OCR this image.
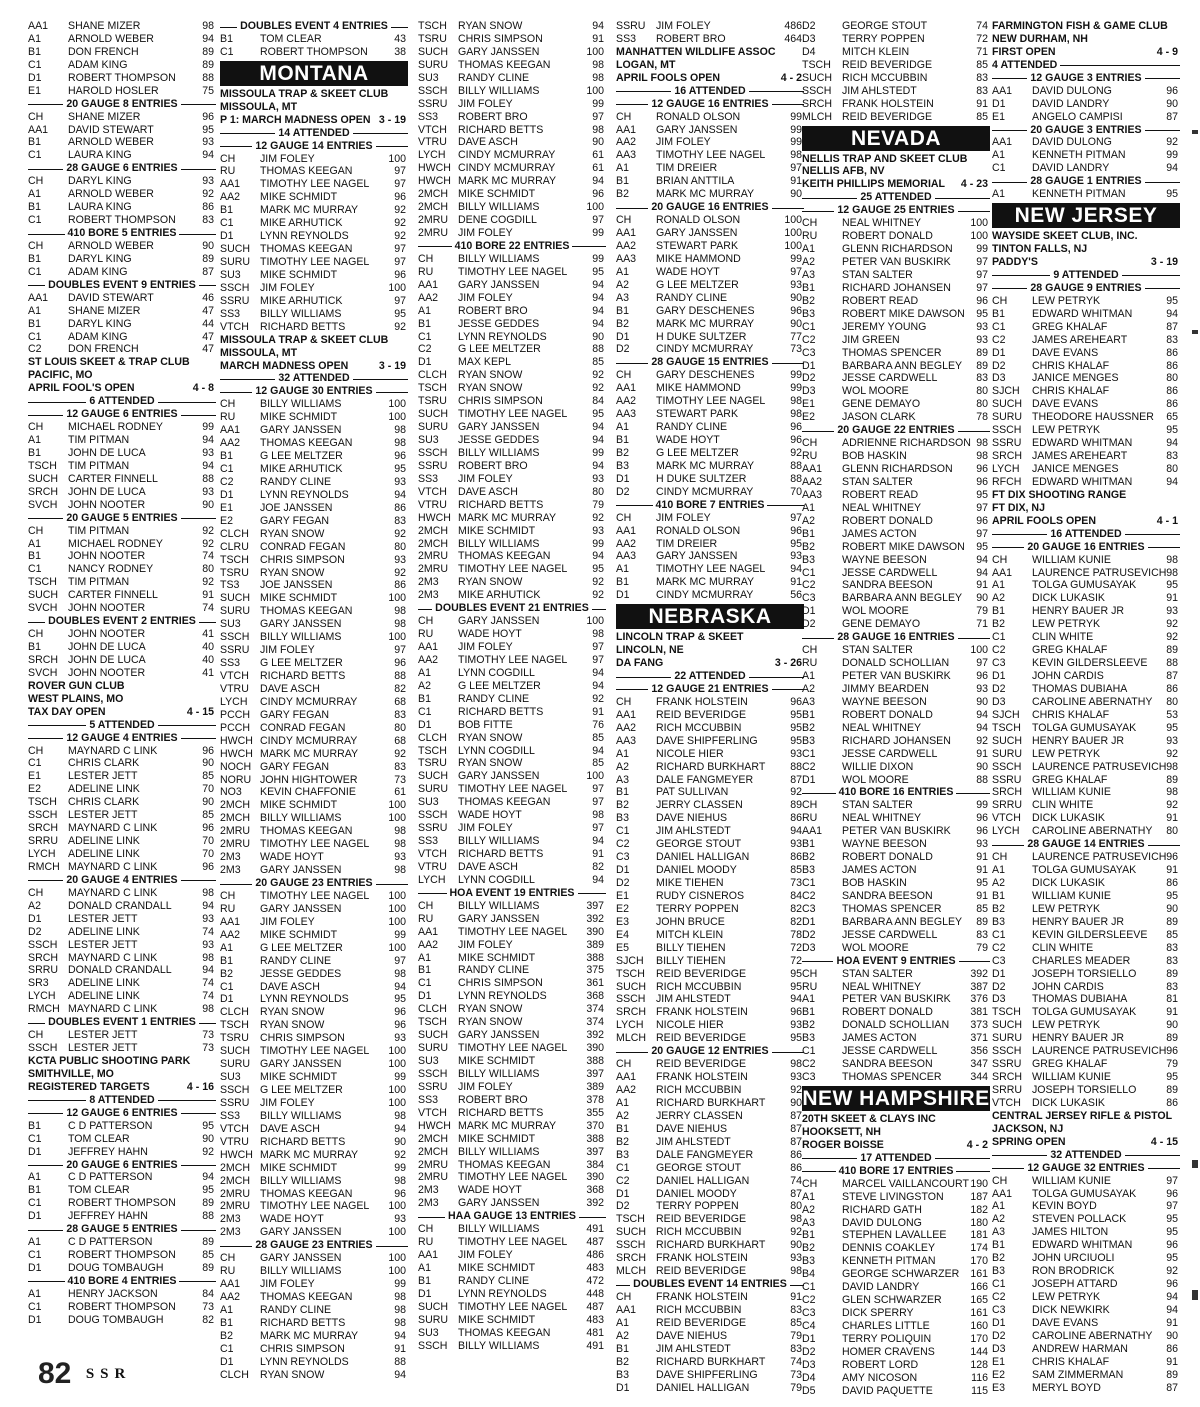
AA1	SHANE MIZER	98
A1	ARNOLD WEBER	94
B1	DON FRENCH	89
C1	ADAM KING	89
D1	ROBERT THOMPSON	88
E1	HAROLD HOSLER	75
20 GAUGE 8 ENTRIES
CH	SHANE MIZER	96
AA1	DAVID STEWART	95
B1	ARNOLD WEBER	93
C1	LAURA KING	94
28 GAUGE 6 ENTRIES
CH	DARYL KING	93
A1	ARNOLD WEBER	92
B1	LAURA KING	86
C1	ROBERT THOMPSON	83
410 BORE 5 ENTRIES
CH	ARNOLD WEBER	90
B1	DARYL KING	89
C1	ADAM KING	87
DOUBLES EVENT 9 ENTRIES
AA1	DAVID STEWART	46
A1	SHANE MIZER	47
B1	DARYL KING	44
C1	ADAM KING	47
C2	DON FRENCH	47
ST LOUIS SKEET & TRAP CLUB
PACIFIC, MO
APRIL FOOL'S OPEN	4 - 8
6 ATTENDED
12 GAUGE 6 ENTRIES
CH	MICHAEL RODNEY	99
A1	TIM PITMAN	94
B1	JOHN DE LUCA	93
TSCH	TIM PITMAN	94
SUCH CARTER FINNELL	88
SRCH JOHN DE LUCA	93
SVCH JOHN NOOTER	90
20 GAUGE 5 ENTRIES
CH	TIM PITMAN	92
A1	MICHAEL RODNEY	92
B1	JOHN NOOTER	74
C1	NANCY RODNEY	80
TSCH	TIM PITMAN	92
SUCH CARTER FINNELL	91
SVCH JOHN NOOTER	74
DOUBLES EVENT 2 ENTRIES
CH	JOHN NOOTER	41
B1	JOHN DE LUCA	40
SRCH JOHN DE LUCA	40
SVCH JOHN NOOTER	41
ROVER GUN CLUB
WEST PLAINS, MO
TAX DAY OPEN	4 - 15
5 ATTENDED
12 GAUGE 4 ENTRIES
CH	MAYNARD C LINK	96
C1	CHRIS CLARK	90
E1	LESTER JETT	85
E2	ADELINE LINK	70
TSCH	CHRIS CLARK	90
SSCH LESTER JETT	85
SRCH MAYNARD C LINK	96
SRRU ADELINE LINK	70
LYCH	ADELINE LINK	70
RMCH MAYNARD C LINK	96
20 GAUGE 4 ENTRIES
CH	MAYNARD C LINK	98
A2	DONALD CRANDALL	94
D1	LESTER JETT	93
D2	ADELINE LINK	74
SSCH LESTER JETT	93
SRCH MAYNARD C LINK	98
SRRU DONALD CRANDALL	94
SR3	ADELINE LINK	74
LYCH	ADELINE LINK	74
RMCH MAYNARD C LINK	98
DOUBLES EVENT 1 ENTRIES
CH	LESTER JETT	73
SSCH LESTER JETT	73
KCTA PUBLIC SHOOTING PARK
SMITHVILLE, MO
REGISTERED TARGETS	4 - 16
8 ATTENDED
12 GAUGE 6 ENTRIES
B1	C D PATTERSON	95
C1	TOM CLEAR	90
D1	JEFFREY HAHN	92
20 GAUGE 6 ENTRIES
A1	C D PATTERSON	94
B1	TOM CLEAR	95
C1	ROBERT THOMPSON	89
D1	JEFFREY HAHN	88
28 GAUGE 5 ENTRIES
A1	C D PATTERSON	89
C1	ROBERT THOMPSON	85
D1	DOUG TOMBAUGH	89
410 BORE 4 ENTRIES
A1	HENRY JACKSON	84
C1	ROBERT THOMPSON	73
D1	DOUG TOMBAUGH	82
DOUBLES EVENT 4 ENTRIES
B1	TOM CLEAR	43
C1	ROBERT THOMPSON	38
MONTANA
MISSOULA TRAP & SKEET CLUB
MISSOULA, MT
P 1: MARCH MADNESS OPEN 3 - 19
14 ATTENDED
12 GAUGE 14 ENTRIES
CH	JIM FOLEY	100
RU	THOMAS KEEGAN	97
AA1	TIMOTHY LEE NAGEL	97
AA2	MIKE SCHMIDT	96
B1	MARK MC MURRAY	92
C1	MIKE ARHUTICK	92
D1	LYNN REYNOLDS	92
SUCH THOMAS KEEGAN	97
SURU TIMOTHY LEE NAGEL	97
SU3	MIKE SCHMIDT	96
SSCH JIM FOLEY	100
SSRU MIKE ARHUTICK	97
SS3	BILLY WILLIAMS	95
VTCH	RICHARD BETTS	92
MISSOULA TRAP & SKEET CLUB
MISSOULA, MT
MARCH MADNESS OPEN	3 - 19
32 ATTENDED
12 GAUGE 30 ENTRIES
CH	BILLY WILLIAMS	100
RU	MIKE SCHMIDT	100
AA1	GARY JANSSEN	98
AA2	THOMAS KEEGAN	98
B1	G LEE MELTZER	96
C1	MIKE ARHUTICK	95
C2	RANDY CLINE	93
D1	LYNN REYNOLDS	94
E1	JOE JANSSEN	86
E2	GARY FEGAN	83
CLCH	RYAN SNOW	92
CLRU	CONRAD FEGAN	80
TSCH	CHRIS SIMPSON	93
TSRU	RYAN SNOW	92
TS3	JOE JANSSEN	86
SUCH MIKE SCHMIDT	100
SURU THOMAS KEEGAN	98
SU3	GARY JANSSEN	98
SSCH BILLY WILLIAMS	100
SSRU JIM FOLEY	97
SS3	G LEE MELTZER	96
VTCH	RICHARD BETTS	88
VTRU	DAVE ASCH	82
LYCH	CINDY MCMURRAY	68
PCCH GARY FEGAN	83
PCCH CONRAD FEGAN	80
HWCH CINDY MCMURRAY	68
HWCH MARK MC MURRAY	92
NOCH GARY FEGAN	83
NORU JOHN HIGHTOWER	73
NO3	KEVIN CHAFFONIE	61
2MCH MIKE SCHMIDT	100
2MCH BILLY WILLIAMS	100
2MRU THOMAS KEEGAN	98
2MRU TIMOTHY LEE NAGEL	98
2M3	WADE HOYT	93
2M3	GARY JANSSEN	98
20 GAUGE 23 ENTRIES
CH	TIMOTHY LEE NAGEL	100
RU	GARY JANSSEN	100
AA1	JIM FOLEY	100
AA2	MIKE SCHMIDT	99
A1	G LEE MELTZER	100
B1	RANDY CLINE	97
B2	JESSE GEDDES	98
C1	DAVE ASCH	94
D1	LYNN REYNOLDS	95
CLCH	RYAN SNOW	96
TSCH	RYAN SNOW	96
TSRU	CHRIS SIMPSON	93
SUCH TIMOTHY LEE NAGEL	100
SURU GARY JANSSEN	100
SU3	MIKE SCHMIDT	99
SSCH G LEE MELTZER	100
SSRU JIM FOLEY	100
SS3	BILLY WILLIAMS	98
VTCH	DAVE ASCH	94
VTRU	RICHARD BETTS	90
HWCH MARK MC MURRAY	92
2MCH MIKE SCHMIDT	99
2MCH BILLY WILLIAMS	98
2MRU THOMAS KEEGAN	96
2MRU TIMOTHY LEE NAGEL	100
2M3	WADE HOYT	93
2M3	GARY JANSSEN	100
28 GAUGE 23 ENTRIES
CH	GARY JANSSEN	100
RU	BILLY WILLIAMS	100
AA1	JIM FOLEY	99
AA2	THOMAS KEEGAN	98
A1	RANDY CLINE	98
B1	RICHARD BETTS	98
B2	MARK MC MURRAY	94
C1	CHRIS SIMPSON	91
D1	LYNN REYNOLDS	88
CLCH	RYAN SNOW	94
TSCH	RYAN SNOW	94
TSRU	CHRIS SIMPSON	91
SUCH GARY JANSSEN	100
SURU THOMAS KEEGAN	98
SU3	RANDY CLINE	98
SSCH BILLY WILLIAMS	100
SSRU JIM FOLEY	99
SS3	ROBERT BRO	97
VTCH	RICHARD BETTS	98
VTRU	DAVE ASCH	90
LYCH	CINDY MCMURRAY	61
HWCH CINDY MCMURRAY	61
HWCH MARK MC MURRAY	94
2MCH MIKE SCHMIDT	96
2MCH BILLY WILLIAMS	100
2MRU DENE COGDILL	97
2MRU JIM FOLEY	99
410 BORE 22 ENTRIES
CH	BILLY WILLIAMS	99
RU	TIMOTHY LEE NAGEL	95
AA1	GARY JANSSEN	94
AA2	JIM FOLEY	94
A1	ROBERT BRO	94
B1	JESSE GEDDES	94
C1	LYNN REYNOLDS	90
C2	G LEE MELTZER	88
D1	MAX KEPL	85
CLCH	RYAN SNOW	92
TSCH	RYAN SNOW	92
TSRU	CHRIS SIMPSON	84
SUCH TIMOTHY LEE NAGEL	95
SURU GARY JANSSEN	94
SU3	JESSE GEDDES	94
SSCH BILLY WILLIAMS	99
SSRU ROBERT BRO	94
SS3	JIM FOLEY	93
VTCH	DAVE ASCH	80
VTRU	RICHARD BETTS	79
HWCH MARK MC MURRAY	92
2MCH MIKE SCHMIDT	93
2MCH BILLY WILLIAMS	99
2MRU THOMAS KEEGAN	94
2MRU TIMOTHY LEE NAGEL	95
2M3	RYAN SNOW	92
2M3	MIKE ARHUTICK	92
DOUBLES EVENT 21 ENTRIES
CH	GARY JANSSEN	100
RU	WADE HOYT	98
AA1	JIM FOLEY	97
AA2	TIMOTHY LEE NAGEL	97
A1	LYNN COGDILL	94
A2	G LEE MELTZER	94
B1	RANDY CLINE	92
C1	RICHARD BETTS	91
D1	BOB FITTE	76
CLCH	RYAN SNOW	85
TSCH	LYNN COGDILL	94
TSRU	RYAN SNOW	85
SUCH GARY JANSSEN	100
SURU TIMOTHY LEE NAGEL	97
SU3	THOMAS KEEGAN	97
SSCH WADE HOYT	98
SSRU JIM FOLEY	97
SS3	BILLY WILLIAMS	94
VTCH	RICHARD BETTS	91
VTRU	DAVE ASCH	82
LYCH	LYNN COGDILL	94
HOA EVENT 19 ENTRIES
CH	BILLY WILLIAMS	397
RU	GARY JANSSEN	392
AA1	TIMOTHY LEE NAGEL	390
AA2	JIM FOLEY	389
A1	MIKE SCHMIDT	388
B1	RANDY CLINE	375
C1	CHRIS SIMPSON	361
D1	LYNN REYNOLDS	368
CLCH	RYAN SNOW	374
TSCH	RYAN SNOW	374
SUCH GARY JANSSEN	392
SURU TIMOTHY LEE NAGEL	390
SU3	MIKE SCHMIDT	388
SSCH BILLY WILLIAMS	397
SSRU JIM FOLEY	389
SS3	ROBERT BRO	378
VTCH	RICHARD BETTS	355
HWCH MARK MC MURRAY	370
2MCH MIKE SCHMIDT	388
2MCH BILLY WILLIAMS	397
2MRU THOMAS KEEGAN	384
2MRU TIMOTHY LEE NAGEL	390
2M3	WADE HOYT	368
2M3	GARY JANSSEN	392
HAA GAUGE 13 ENTRIES
CH	BILLY WILLIAMS	491
RU	TIMOTHY LEE NAGEL	487
AA1	JIM FOLEY	486
A1	MIKE SCHMIDT	483
B1	RANDY CLINE	472
D1	LYNN REYNOLDS	448
SUCH TIMOTHY LEE NAGEL	487
SURU MIKE SCHMIDT	483
SU3	THOMAS KEEGAN	481
SSCH BILLY WILLIAMS	491
SSRU JIM FOLEY	486
SS3	ROBERT BRO	464
MANHATTEN WILDLIFE ASSOC
LOGAN, MT
APRIL FOOLS OPEN	4 - 2
16 ATTENDED
12 GAUGE 16 ENTRIES
CH	RONALD OLSON	99
AA1	GARY JANSSEN	99
AA2	JIM FOLEY	99
AA3	TIMOTHY LEE NAGEL	98
A1	TIM DREIER	97
B1	BRIAN ANTTILA	91
B2	MARK MC MURRAY	90
20 GAUGE 16 ENTRIES
CH	RONALD OLSON	100
AA1	GARY JANSSEN	100
AA2	STEWART PARK	100
AA3	MIKE HAMMOND	99
A1	WADE HOYT	97
A2	G LEE MELTZER	93
A3	RANDY CLINE	90
B1	GARY DESCHENES	96
B2	MARK MC MURRAY	90
D1	H DUKE SULTZER	77
D2	CINDY MCMURRAY	73
28 GAUGE 15 ENTRIES
CH	GARY DESCHENES	99
AA1	MIKE HAMMOND	99
AA2	TIMOTHY LEE NAGEL	98
AA3	STEWART PARK	98
A1	RANDY CLINE	96
B1	WADE HOYT	96
B2	G LEE MELTZER	92
B3	MARK MC MURRAY	88
D1	H DUKE SULTZER	88
D2	CINDY MCMURRAY	70
410 BORE 7 ENTRIES
CH	JIM FOLEY	97
AA1	RONALD OLSON	96
AA2	TIM DREIER	95
AA3	GARY JANSSEN	93
A1	TIMOTHY LEE NAGEL	94
B1	MARK MC MURRAY	91
D1	CINDY MCMURRAY	56
NEBRASKA
LINCOLN TRAP & SKEET
LINCOLN, NE
DA FANG	3 - 26
22 ATTENDED
12 GAUGE 21 ENTRIES
CH	FRANK HOLSTEIN	96
AA1	REID BEVERIDGE	95
AA2	RICH MCCUBBIN	95
AA3	DAVE SHIPFERLING	95
A1	NICOLE HIER	93
A2	RICHARD BURKHART	88
A3	DALE FANGMEYER	87
B1	PAT SULLIVAN	92
B2	JERRY CLASSEN	89
B3	DAVE NIEHUS	86
C1	JIM AHLSTEDT	94
C2	GEORGE STOUT	93
C3	DANIEL HALLIGAN	86
D1	DANIEL MOODY	85
D2	MIKE TIEHEN	73
E1	RUDY CISNEROS	84
E2	TERRY POPPEN	82
E3	JOHN BRUCE	82
E4	MITCH KLEIN	78
E5	BILLY TIEHEN	72
SJCH	BILLY TIEHEN	72
TSCH	REID BEVERIDGE	95
SUCH RICH MCCUBBIN	95
SSCH JIM AHLSTEDT	94
SRCH FRANK HOLSTEIN	96
LYCH	NICOLE HIER	93
MLCH REID BEVERIDGE	95
20 GAUGE 12 ENTRIES
CH	REID BEVERIDGE	98
AA1	FRANK HOLSTEIN	93
AA2	RICH MCCUBBIN	92
A1	RICHARD BURKHART	90
A2	JERRY CLASSEN	87
B1	DAVE NIEHUS	87
B2	JIM AHLSTEDT	87
B3	DALE FANGMEYER	86
C1	GEORGE STOUT	86
C2	DANIEL HALLIGAN	74
D1	DANIEL MOODY	87
D2	TERRY POPPEN	80
TSCH	REID BEVERIDGE	98
SUCH RICH MCCUBBIN	92
SSCH RICHARD BURKHART	90
SRCH FRANK HOLSTEIN	93
MLCH REID BEVERIDGE	98
DOUBLES EVENT 14 ENTRIES
CH	FRANK HOLSTEIN	91
AA1	RICH MCCUBBIN	83
A1	REID BEVERIDGE	85
A2	DAVE NIEHUS	79
B1	JIM AHLSTEDT	83
B2	RICHARD BURKHART	74
B3	DAVE SHIPFERLING	73
D1	DANIEL HALLIGAN	79
D2	GEORGE STOUT	74
D3	TERRY POPPEN	72
D4	MITCH KLEIN	71
TSCH	REID BEVERIDGE	85
SUCH RICH MCCUBBIN	83
SSCH JIM AHLSTEDT	83
SRCH FRANK HOLSTEIN	91
MLCH REID BEVERIDGE	85
NEVADA
NELLIS TRAP AND SKEET CLUB
NELLIS AFB, NV
KEITH PHILLIPS MEMORIAL 4 - 23
25 ATTENDED
12 GAUGE 25 ENTRIES
CH	NEAL WHITNEY	100
RU	ROBERT DONALD	100
A1	GLENN RICHARDSON	99
A2	PETER VAN BUSKIRK	97
A3	STAN SALTER	97
B1	RICHARD JOHANSEN	97
B2	ROBERT READ	96
B3	ROBERT MIKE DAWSON 95
C1	JEREMY YOUNG	93
C2	JIM GREEN	93
C3	THOMAS SPENCER	89
D1	BARBARA ANN BEGLEY 89
D2	JESSE CARDWELL	83
D3	WOL MOORE	80
E1	GENE DEMAYO	80
E2	JASON CLARK	78
20 GAUGE 22 ENTRIES
CH	ADRIENNE RICHARDSON 98
RU	BOB HASKIN	98
AA1	GLENN RICHARDSON	96
AA2	STAN SALTER	96
AA3	ROBERT READ	95
A1	NEAL WHITNEY	97
A2	ROBERT DONALD	96
B1	JAMES ACTON	97
B2	ROBERT MIKE DAWSON 95
B3	WAYNE BEESON	94
C1	JESSE CARDWELL	94
C2	SANDRA BEESON	91
C3	BARBARA ANN BEGLEY 90
D1	WOL MOORE	79
D2	GENE DEMAYO	71
28 GAUGE 16 ENTRIES
CH	STAN SALTER	100
RU	DONALD SCHOLLIAN	97
A1	PETER VAN BUSKIRK	96
A2	JIMMY BEARDEN	93
A3	WAYNE BEESON	90
B1	ROBERT DONALD	94
B2	NEAL WHITNEY	94
B3	RICHARD JOHANSEN	92
C1	JESSE CARDWELL	91
C2	WILLIE DIXON	90
D1	WOL MOORE	88
410 BORE 16 ENTRIES
CH	STAN SALTER	99
RU	NEAL WHITNEY	96
AA1	PETER VAN BUSKIRK	96
B1	WAYNE BEESON	93
B2	ROBERT DONALD	91
B3	JAMES ACTON	91
C1	BOB HASKIN	95
C2	SANDRA BEESON	91
C3	THOMAS SPENCER	85
D1	BARBARA ANN BEGLEY 89
D2	JESSE CARDWELL	83
D3	WOL MOORE	79
HOA EVENT 9 ENTRIES
CH	STAN SALTER	392
RU	NEAL WHITNEY	387
A1	PETER VAN BUSKIRK	376
B1	ROBERT DONALD	381
B2	DONALD SCHOLLIAN	373
B3	JAMES ACTON	371
C1	JESSE CARDWELL	356
C2	SANDRA BEESON	347
C3	THOMAS SPENCER	344
NEW HAMPSHIRE
20TH SKEET & CLAYS INC
HOOKSETT, NH
ROGER BOISSE	4 - 2
17 ATTENDED
410 BORE 17 ENTRIES
CH	MARCEL VAILLANCOURT 190
A1	STEVE LIVINGSTON	187
A2	RICHARD GATH	182
A3	DAVID DULONG	180
B1	STEPHEN LAVALLEE	181
B2	DENNIS COAKLEY	174
B3	KENNETH PITMAN	170
B4	GEORGE SCHWARZER 161
C1	DAVID LANDRY	166
C2	GLEN SCHWARZER	165
C3	DICK SPERRY	161
C4	CHARLES LITTLE	160
D1	TERRY POLIQUIN	170
D2	HOMER CRAVENS	144
D3	ROBERT LORD	128
D4	AMY NICOSON	116
D5	DAVID PAQUETTE	115
FARMINGTON FISH & GAME CLUB
NEW DURHAM, NH
FIRST OPEN	4 - 9
4 ATTENDED
12 GAUGE 3 ENTRIES
AA1	DAVID DULONG	96
D1	DAVID LANDRY	90
E1	ANGELO CAMPISI	87
20 GAUGE 3 ENTRIES
AA1	DAVID DULONG	92
A1	KENNETH PITMAN	99
C1	DAVID LANDRY	94
28 GAUGE 1 ENTRIES
A1	KENNETH PITMAN	95
NEW JERSEY
WAYSIDE SKEET CLUB, INC.
TINTON FALLS, NJ
PADDY'S	3 - 19
9 ATTENDED
28 GAUGE 9 ENTRIES
CH	LEW PETRYK	95
B1	EDWARD WHITMAN	94
C1	GREG KHALAF	87
C2	JAMES AREHEART	83
D1	DAVE EVANS	86
D2	CHRIS KHALAF	86
D3	JANICE MENGES	80
SJCH	CHRIS KHALAF	86
SUCH DAVE EVANS	86
SURU THEODORE HAUSSNER 65
SSCH LEW PETRYK	95
SSRU EDWARD WHITMAN	94
SRCH JAMES AREHEART	83
LYCH	JANICE MENGES	80
RFCH EDWARD WHITMAN	94
FT DIX SHOOTING RANGE
FT DIX, NJ
APRIL FOOLS OPEN	4 - 1
16 ATTENDED
20 GAUGE 16 ENTRIES
CH	WILLIAM KUNIE	98
AA1	LAURENCE PATRUSEVICH 98
A1	TOLGA GUMUSAYAK	95
A2	DICK LUKASIK	91
B1	HENRY BAUER JR	93
B2	LEW PETRYK	92
C1	CLIN WHITE	92
C2	GREG KHALAF	89
C3	KEVIN GILDERSLEEVE 88
D1	JOHN CARDIS	87
D2	THOMAS DUBIAHA	86
D3	CAROLINE ABERNATHY 80
SJCH	CHRIS KHALAF	53
TSCH	TOLGA GUMUSAYAK	95
SUCH HENRY BAUER JR	93
SURU LEW PETRYK	92
SSCH LAURENCE PATRUSEVICH 98
SSRU GREG KHALAF	89
SRCH WILLIAM KUNIE	98
SRRU CLIN WHITE	92
VTCH	DICK LUKASIK	91
LYCH	CAROLINE ABERNATHY 80
28 GAUGE 14 ENTRIES
CH	LAURENCE PATRUSEVICH 96
A1	TOLGA GUMUSAYAK	91
A2	DICK LUKASIK	86
B1	WILLIAM KUNIE	95
B2	LEW PETRYK	90
B3	HENRY BAUER JR	89
C1	KEVIN GILDERSLEEVE 85
C2	CLIN WHITE	83
C3	CHARLES MEADER	83
D1	JOSEPH TORSIELLO	89
D2	JOHN CARDIS	83
D3	THOMAS DUBIAHA	81
TSCH	TOLGA GUMUSAYAK	91
SUCH LEW PETRYK	90
SURU HENRY BAUER JR	89
SSCH LAURENCE PATRUSEVICH 96
SSRU GREG KHALAF	79
SRCH WILLIAM KUNIE	95
SRRU JOSEPH TORSIELLO	89
VTCH	DICK LUKASIK	86
CENTRAL JERSEY RIFLE & PISTOL
JACKSON, NJ
SPRING OPEN	4 - 15
32 ATTENDED
12 GAUGE 32 ENTRIES
CH	WILLIAM KUNIE	97
AA1	TOLGA GUMUSAYAK	96
A1	KEVIN BOYD	97
A2	STEVEN POLLACK	95
A3	JAMES HILTON	95
B1	EDWARD WHITMAN	96
B2	JOHN URCIUOLI	95
B3	RON BRODRICK	92
C1	JOSEPH ATTARD	96
C2	LEW PETRYK	94
C3	DICK NEWKIRK	94
D1	DAVE EVANS	91
D2	CAROLINE ABERNATHY 90
D3	ANDREW HARMAN	86
E1	CHRIS KHALAF	91
E2	SAM ZIMMERMAN	89
E3	MERYL BOYD	87
82 SSR
